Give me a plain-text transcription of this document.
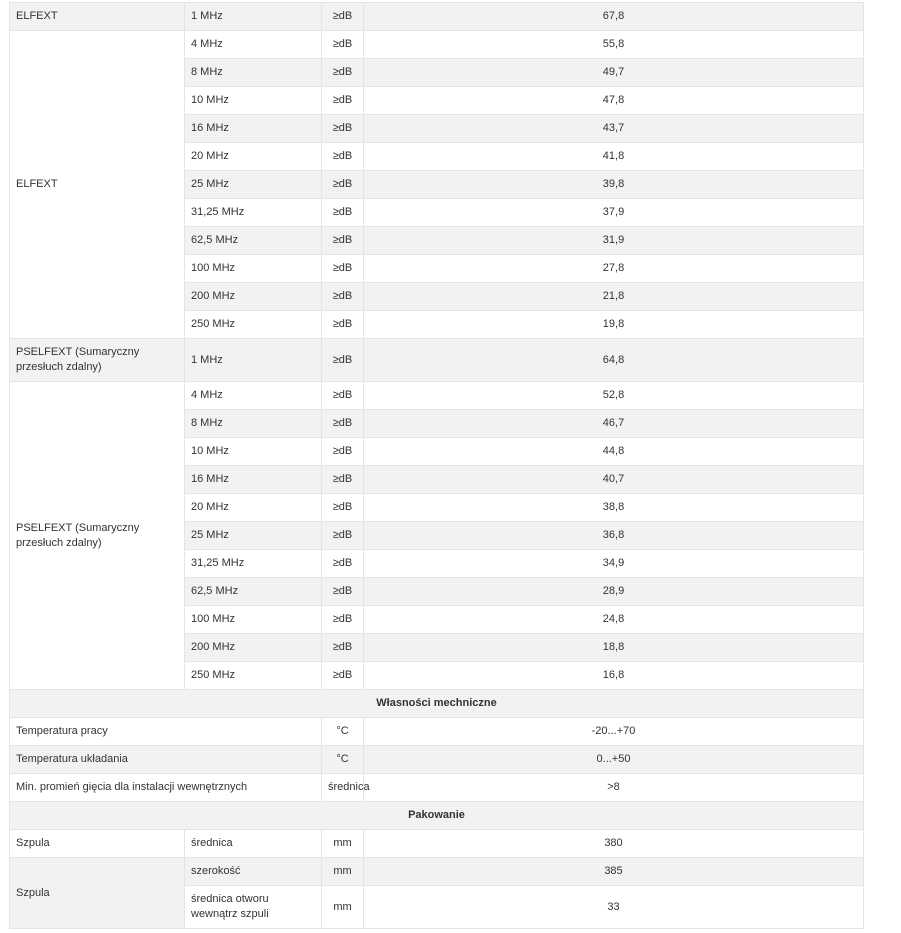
ELFEXT	1 MHz	≥dB	67,8
ELFEXT	4 MHz	≥dB	55,8
	8 MHz	≥dB	49,7
	10 MHz	≥dB	47,8
	16 MHz	≥dB	43,7
	20 MHz	≥dB	41,8
	25 MHz	≥dB	39,8
	31,25 MHz	≥dB	37,9
	62,5 MHz	≥dB	31,9
	100 MHz	≥dB	27,8
	200 MHz	≥dB	21,8
	250 MHz	≥dB	19,8
PSELFEXT (Sumaryczny przesłuch zdalny)	1 MHz	≥dB	64,8
PSELFEXT (Sumaryczny przesłuch zdalny)	4 MHz	≥dB	52,8
	8 MHz	≥dB	46,7
	10 MHz	≥dB	44,8
	16 MHz	≥dB	40,7
	20 MHz	≥dB	38,8
	25 MHz	≥dB	36,8
	31,25 MHz	≥dB	34,9
	62,5 MHz	≥dB	28,9
	100 MHz	≥dB	24,8
	200 MHz	≥dB	18,8
	250 MHz	≥dB	16,8
Własności mechniczne			
Temperatura pracy		°C	-20...+70
Temperatura układania		°C	0...+50
Min. promień gięcia dla instalacji wewnętrznych		średnica	>8
Pakowanie			
Szpula	średnica	mm	380
Szpula	szerokość	mm	385
	średnica otworu wewnątrz szpuli	mm	33
